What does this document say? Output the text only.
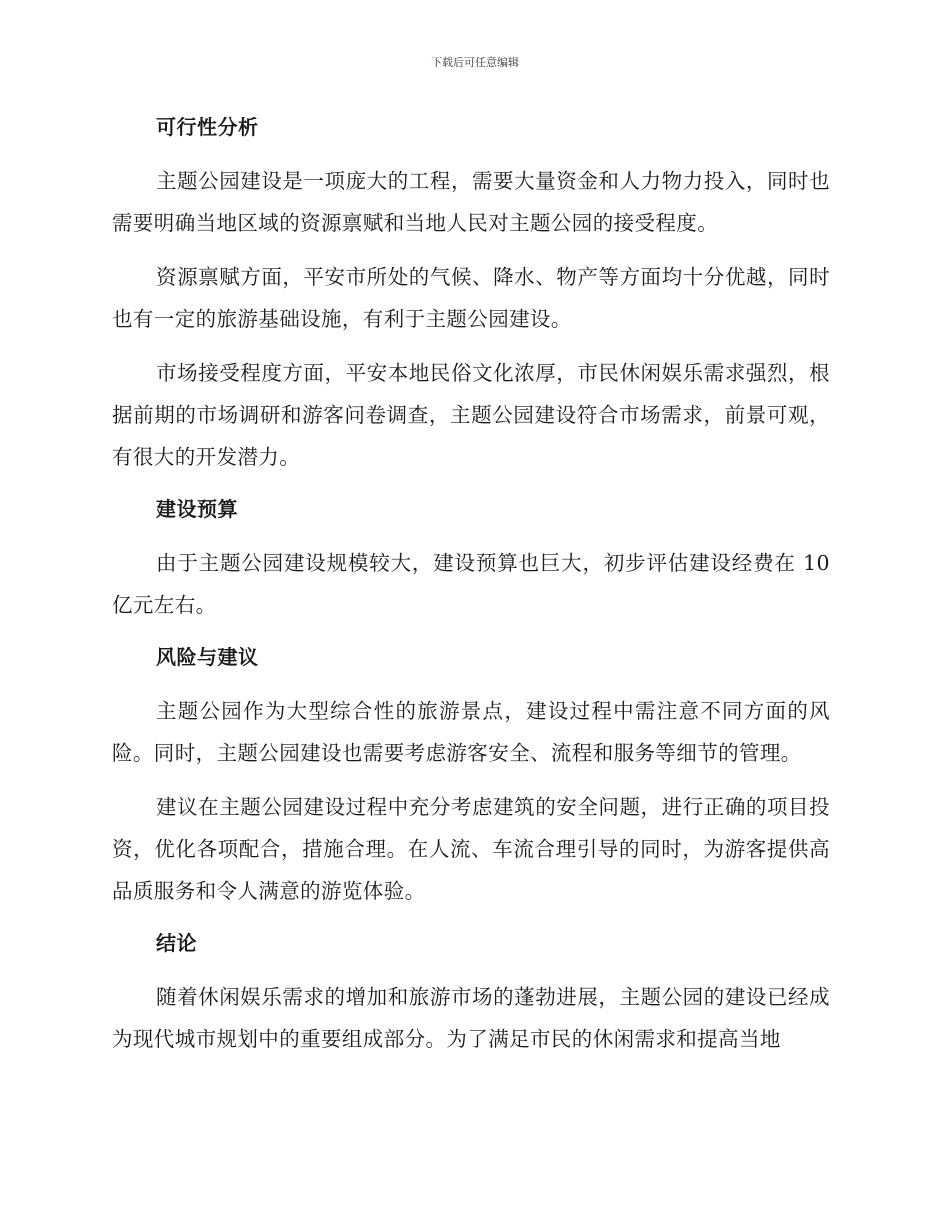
下载后可任意编辑
可行性分析

主题公园建设是一项庞大的工程，需要大量资金和人力物力投入，同时也需要明确当地区域的资源禀赋和当地人民对主题公园的接受程度。

资源禀赋方面，平安市所处的气候、降水、物产等方面均十分优越，同时也有一定的旅游基础设施，有利于主题公园建设。

市场接受程度方面，平安本地民俗文化浓厚，市民休闲娱乐需求强烈，根据前期的市场调研和游客问卷调查，主题公园建设符合市场需求，前景可观，有很大的开发潜力。

建设预算

由于主题公园建设规模较大，建设预算也巨大，初步评估建设经费在 10 亿元左右。

风险与建议

主题公园作为大型综合性的旅游景点，建设过程中需注意不同方面的风险。同时，主题公园建设也需要考虑游客安全、流程和服务等细节的管理。

建议在主题公园建设过程中充分考虑建筑的安全问题，进行正确的项目投资，优化各项配合，措施合理。在人流、车流合理引导的同时，为游客提供高品质服务和令人满意的游览体验。

结论

随着休闲娱乐需求的增加和旅游市场的蓬勃进展，主题公园的建设已经成为现代城市规划中的重要组成部分。为了满足市民的休闲需求和提高当地
